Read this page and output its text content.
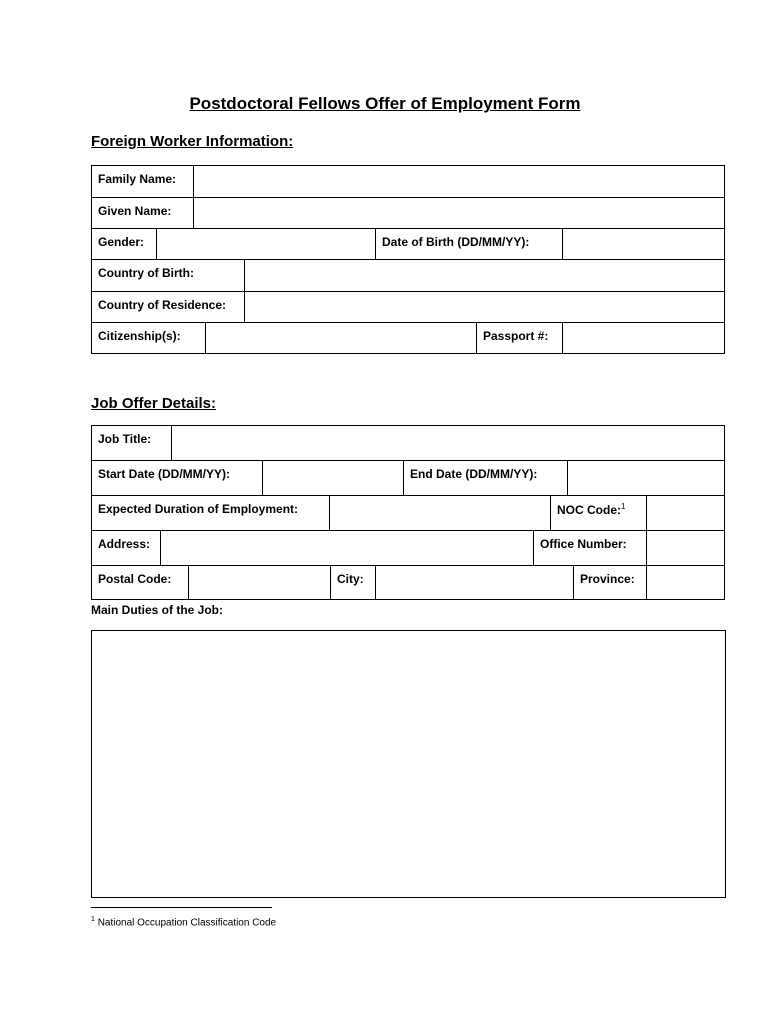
Postdoctoral Fellows Offer of Employment Form
Foreign Worker Information:
Family Name:
Given Name:
Gender:	Date of Birth (DD/MM/YY):
Country of Birth:
Country of Residence:
Citizenship(s):	Passport #:
Job Offer Details:
Job Title:
Start Date (DD/MM/YY):	End Date (DD/MM/YY):
Expected Duration of Employment:	NOC Code:$^1$
Address:	Office Number:
Postal Code:	City:	Province:
Main Duties of the Job:
$^1$ National Occupation Classification Code
